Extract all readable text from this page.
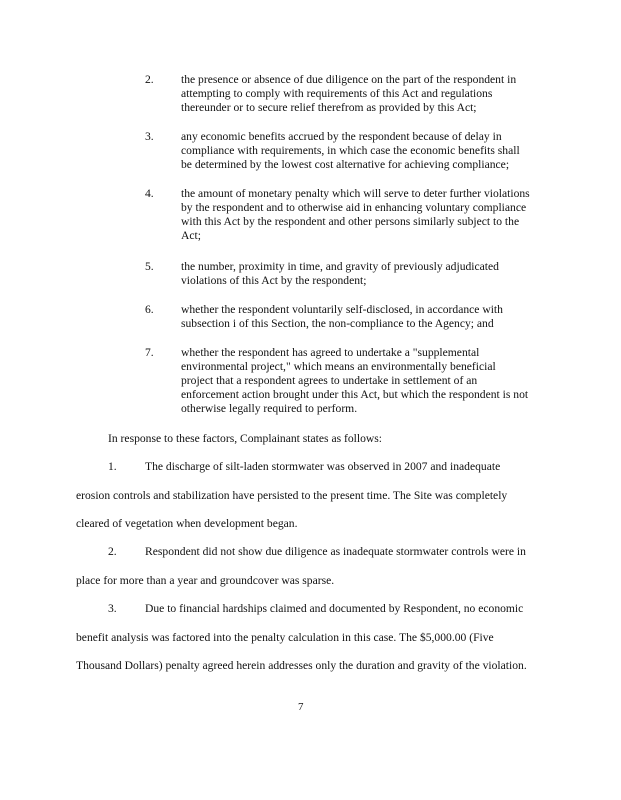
2.	the presence or absence of due diligence on the part of the respondent in
attempting to comply with requirements of this Act and regulations
thereunder or to secure relief therefrom as provided by this Act;
3.	any economic benefits accrued by the respondent because of delay in
compliance with requirements, in which case the economic benefits shall
be determined by the lowest cost alternative for achieving compliance;
4.	the amount of monetary penalty which will serve to deter further violations
by the respondent and to otherwise aid in enhancing voluntary compliance
with this Act by the respondent and other persons similarly subject to the
Act;
5.	the number, proximity in time, and gravity of previously adjudicated
violations of this Act by the respondent;
6.	whether the respondent voluntarily self-disclosed, in accordance with
subsection i of this Section, the non-compliance to the Agency; and
7.	whether the respondent has agreed to undertake a "supplemental
environmental project," which means an environmentally beneficial
project that a respondent agrees to undertake in settlement of an
enforcement action brought under this Act, but which the respondent is not
otherwise legally required to perform.
In response to these factors, Complainant states as follows:
1. The discharge of silt-laden stormwater was observed in 2007 and inadequate
erosion controls and stabilization have persisted to the present time. The Site was completely
cleared of vegetation when development began.
2. Respondent did not show due diligence as inadequate stormwater controls were in
place for more than a year and groundcover was sparse.
3. Due to financial hardships claimed and documented by Respondent, no economic
benefit analysis was factored into the penalty calculation in this case. The $5,000.00 (Five
Thousand Dollars) penalty agreed herein addresses only the duration and gravity of the violation.
7
